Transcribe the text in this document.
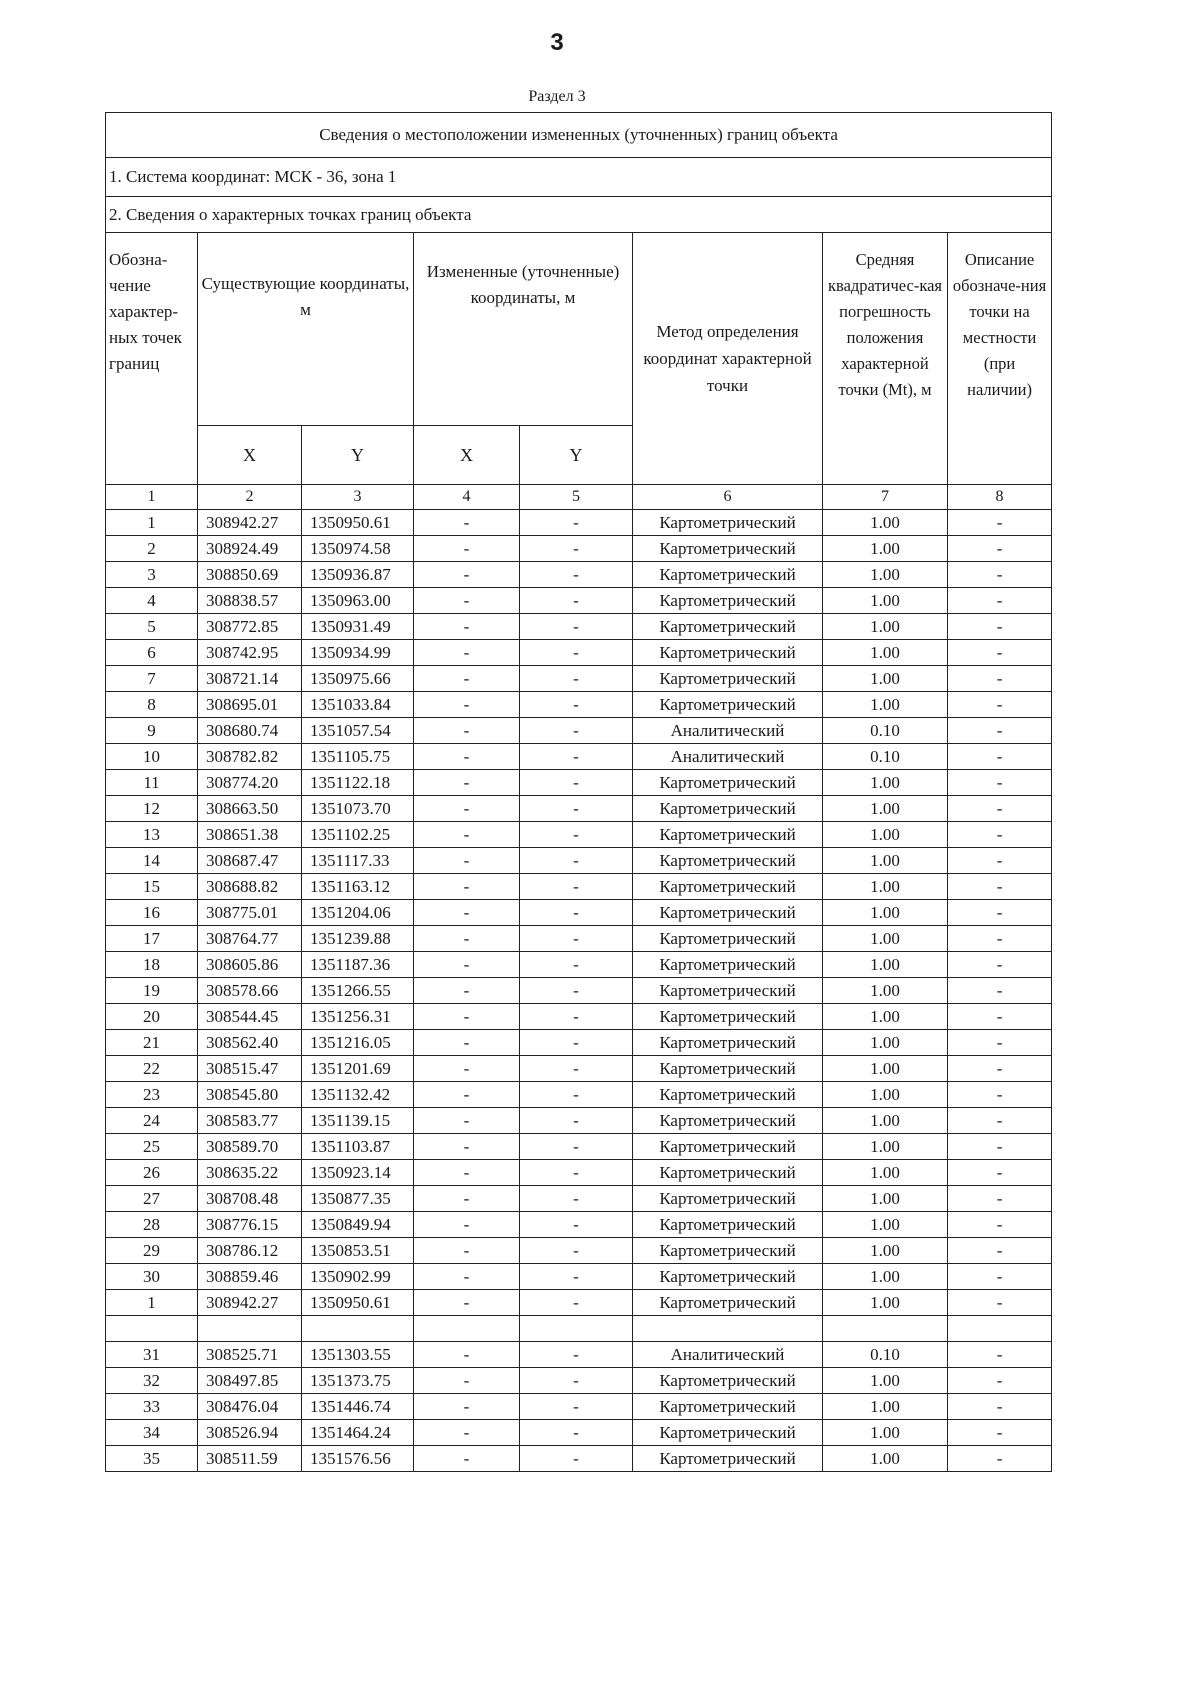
3
Раздел 3
Сведения о местоположении измененных (уточненных) границ объекта							
1. Система координат: МСК - 36, зона 1							
2. Сведения о характерных точках границ объекта							
Обозна-чение характер-ных точек границ	Существующие координаты, м		Измененные (уточненные) координаты, м		Метод определения координат характерной точки	Средняя квадратичес-кая погрешность положения характерной точки (Mt), м	Описание обозначе-ния точки на местности (при наличии)
	X	Y	X	Y			
1	2	3	4	5	6	7	8
1	308942.27	1350950.61	-	-	Картометрический	1.00	-
2	308924.49	1350974.58	-	-	Картометрический	1.00	-
3	308850.69	1350936.87	-	-	Картометрический	1.00	-
4	308838.57	1350963.00	-	-	Картометрический	1.00	-
5	308772.85	1350931.49	-	-	Картометрический	1.00	-
6	308742.95	1350934.99	-	-	Картометрический	1.00	-
7	308721.14	1350975.66	-	-	Картометрический	1.00	-
8	308695.01	1351033.84	-	-	Картометрический	1.00	-
9	308680.74	1351057.54	-	-	Аналитический	0.10	-
10	308782.82	1351105.75	-	-	Аналитический	0.10	-
11	308774.20	1351122.18	-	-	Картометрический	1.00	-
12	308663.50	1351073.70	-	-	Картометрический	1.00	-
13	308651.38	1351102.25	-	-	Картометрический	1.00	-
14	308687.47	1351117.33	-	-	Картометрический	1.00	-
15	308688.82	1351163.12	-	-	Картометрический	1.00	-
16	308775.01	1351204.06	-	-	Картометрический	1.00	-
17	308764.77	1351239.88	-	-	Картометрический	1.00	-
18	308605.86	1351187.36	-	-	Картометрический	1.00	-
19	308578.66	1351266.55	-	-	Картометрический	1.00	-
20	308544.45	1351256.31	-	-	Картометрический	1.00	-
21	308562.40	1351216.05	-	-	Картометрический	1.00	-
22	308515.47	1351201.69	-	-	Картометрический	1.00	-
23	308545.80	1351132.42	-	-	Картометрический	1.00	-
24	308583.77	1351139.15	-	-	Картометрический	1.00	-
25	308589.70	1351103.87	-	-	Картометрический	1.00	-
26	308635.22	1350923.14	-	-	Картометрический	1.00	-
27	308708.48	1350877.35	-	-	Картометрический	1.00	-
28	308776.15	1350849.94	-	-	Картометрический	1.00	-
29	308786.12	1350853.51	-	-	Картометрический	1.00	-
30	308859.46	1350902.99	-	-	Картометрический	1.00	-
1	308942.27	1350950.61	-	-	Картометрический	1.00	-

31	308525.71	1351303.55	-	-	Аналитический	0.10	-
32	308497.85	1351373.75	-	-	Картометрический	1.00	-
33	308476.04	1351446.74	-	-	Картометрический	1.00	-
34	308526.94	1351464.24	-	-	Картометрический	1.00	-
35	308511.59	1351576.56	-	-	Картометрический	1.00	-
